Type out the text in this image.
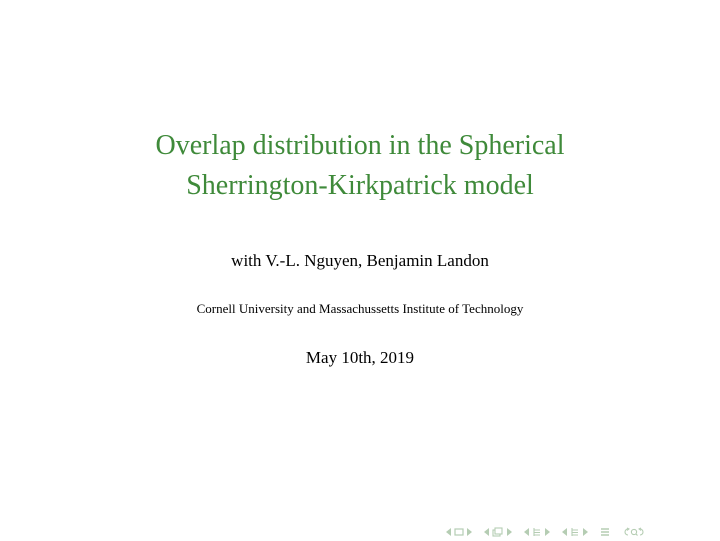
Overlap distribution in the Spherical
Sherrington-Kirkpatrick model
with V.-L. Nguyen, Benjamin Landon
Cornell University and Massachussetts Institute of Technology
May 10th, 2019
